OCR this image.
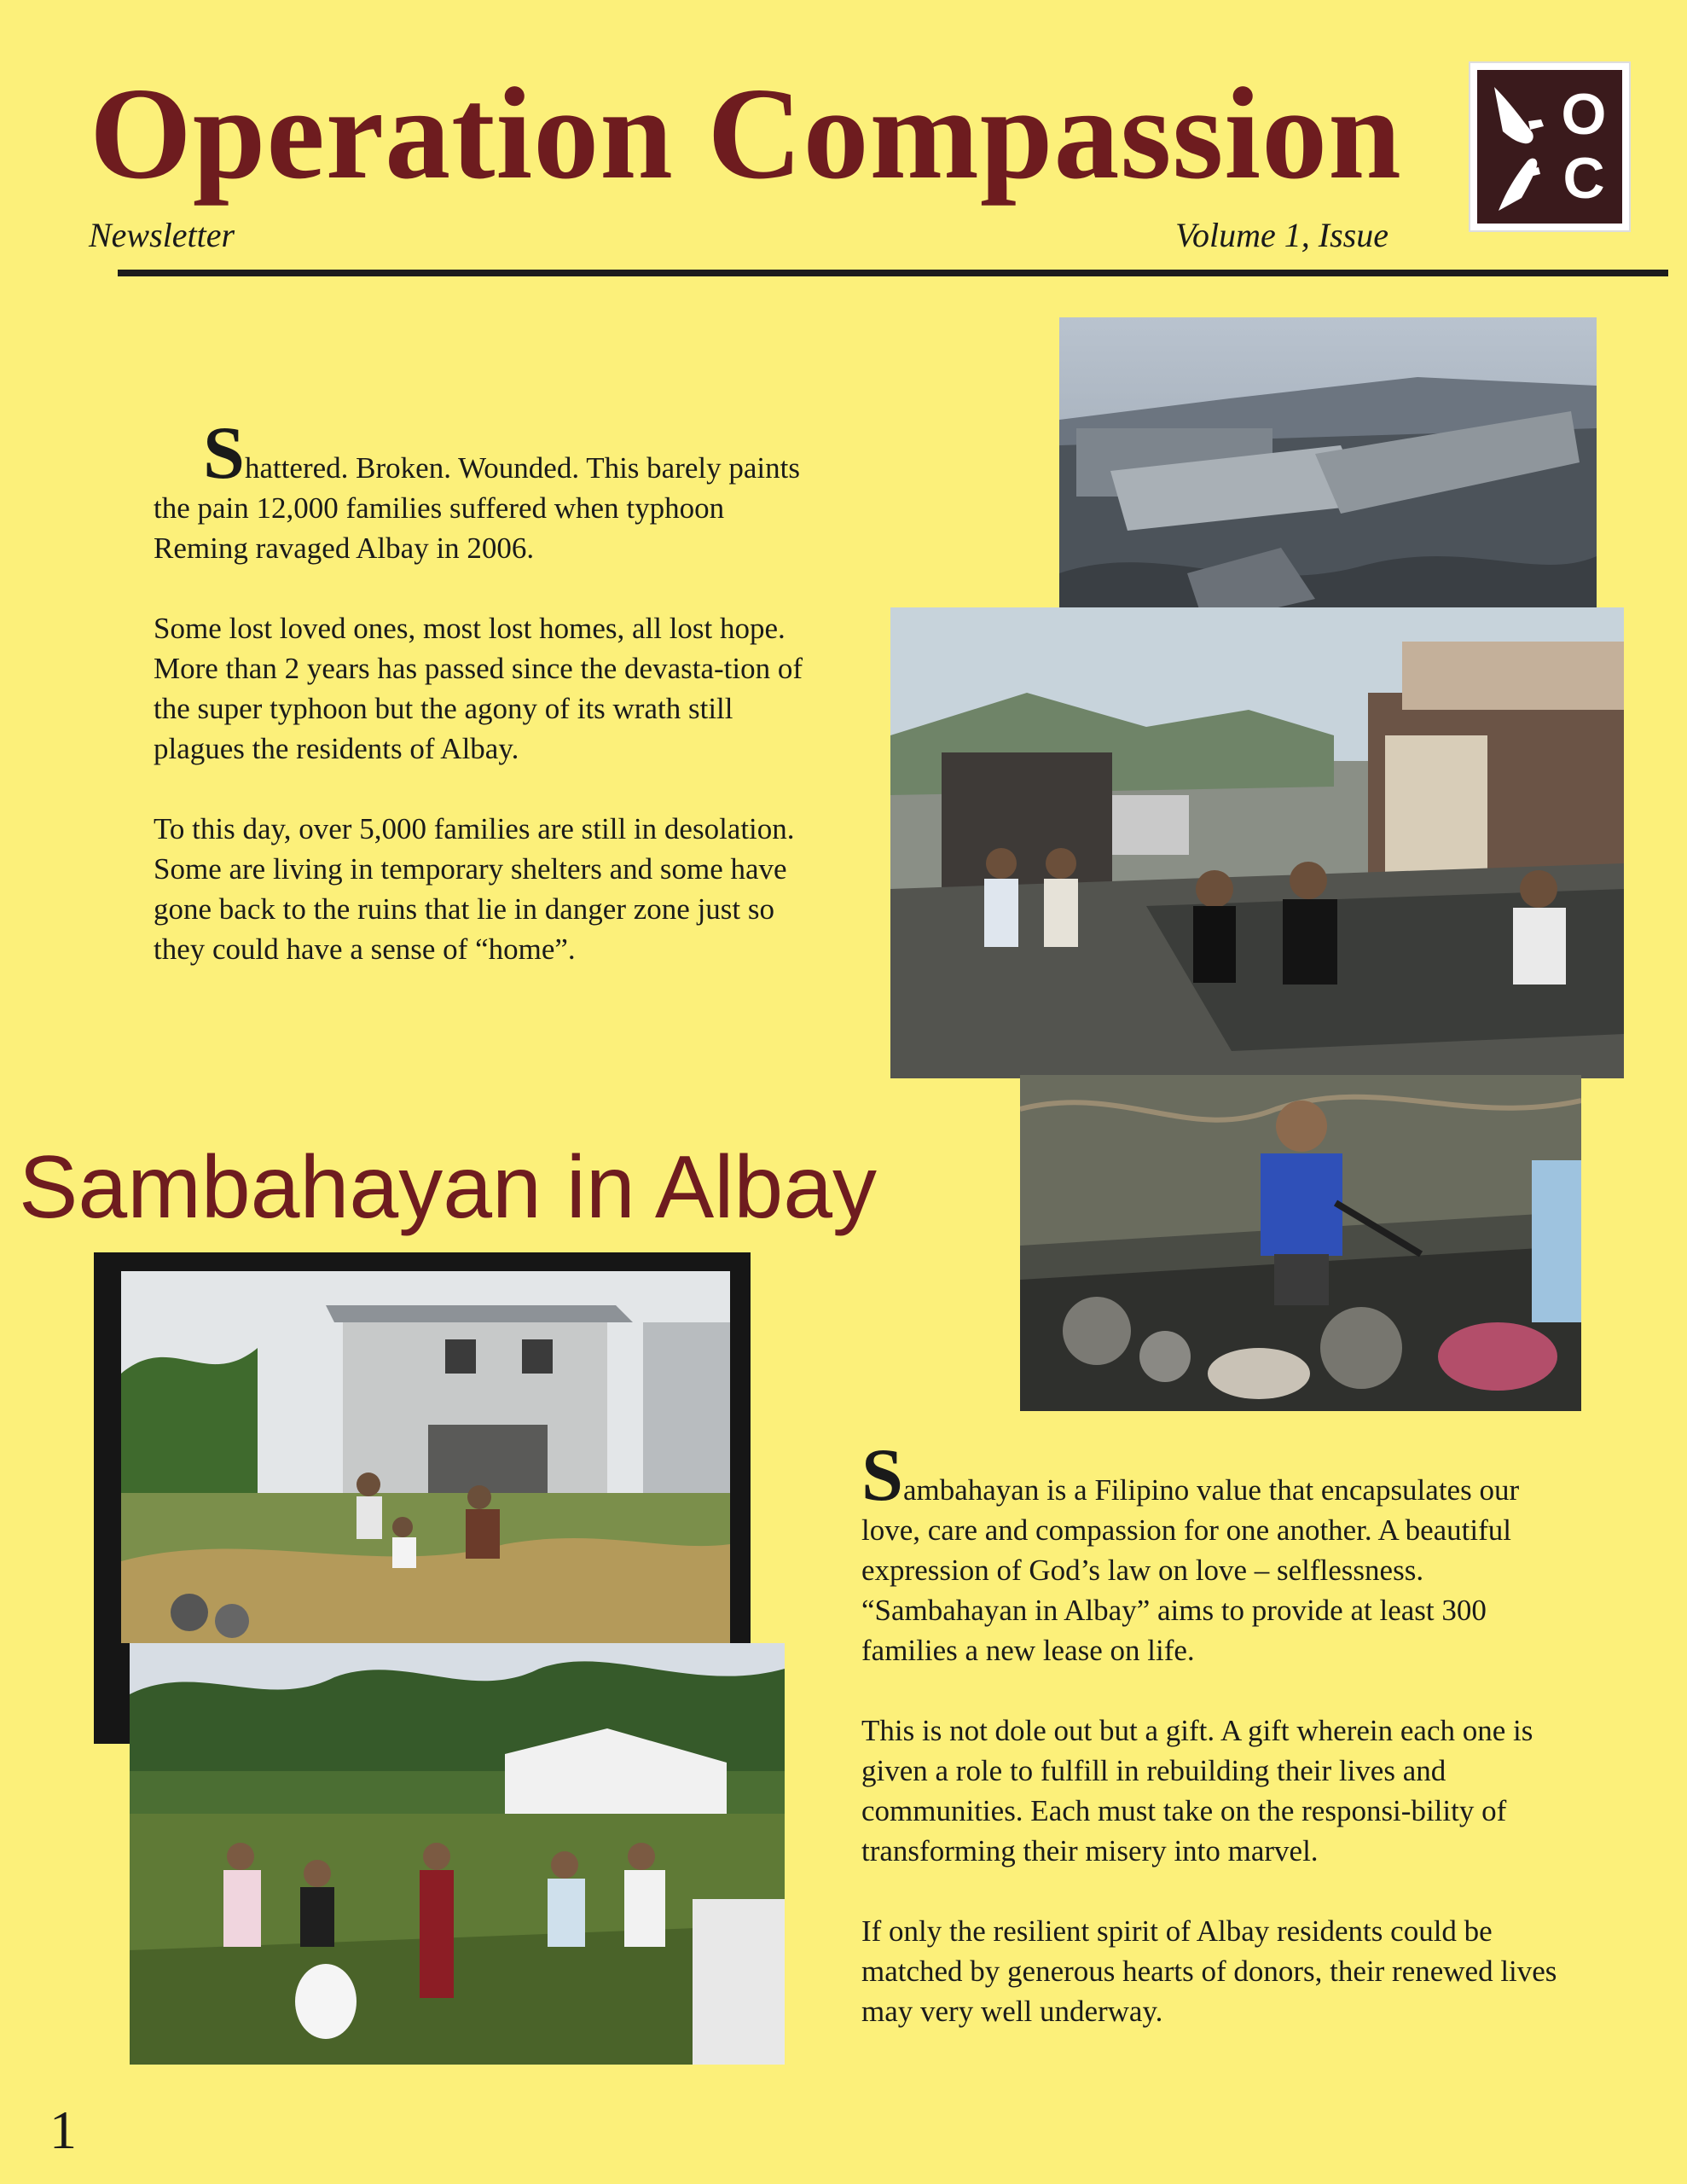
Operation Compassion
Newsletter	Volume 1, Issue
O
C

Shattered. Broken. Wounded. This barely paints the pain 12,000 families suffered when typhoon Reming ravaged Albay in 2006.

Some lost loved ones, most lost homes, all lost hope.

More than 2 years has passed since the devasta-tion of the super typhoon but the agony of its wrath still plagues the residents of Albay.

To this day, over 5,000 families are still in desolation. Some are living in temporary shelters and some have gone back to the ruins that lie in danger zone just so they could have a sense of “home”.

Sambahayan in Albay

Sambahayan is a Filipino value that encapsulates our love, care and compassion for one another. A beautiful expression of God’s law on love – selflessness.

“Sambahayan in Albay” aims to provide at least 300 families a new lease on life.

This is not dole out but a gift. A gift wherein each one is given a role to fulfill in rebuilding their lives and communities. Each must take on the responsi-bility of transforming their misery into marvel.

If only the resilient spirit of Albay residents could be matched by generous hearts of donors, their renewed lives may very well underway.

1
